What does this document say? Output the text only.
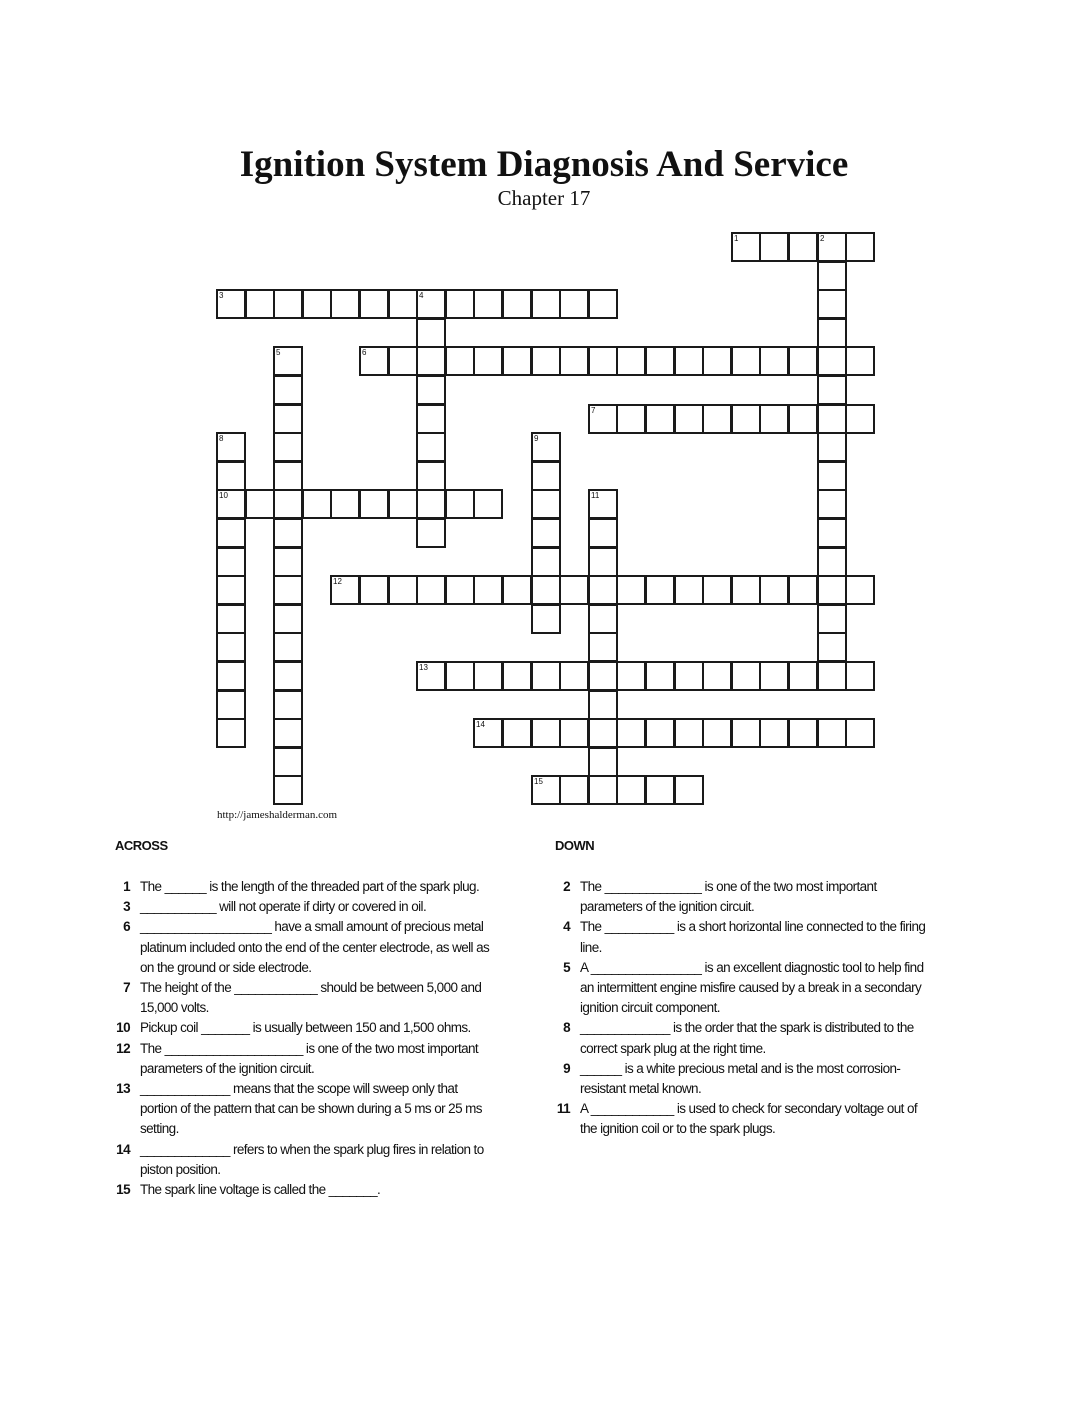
Ignition System Diagnosis And Service
Chapter 17
1	2
3	4
5	6
7
8
10
9
11
12
13
14
15
http://jameshalderman.com
ACROSS	DOWN
1 The ______ is the length of the threaded part of the spark plug.
3 ___________ will not operate if dirty or covered in oil.
6 ___________________ have a small amount of precious metal platinum included onto the end of the center electrode, as well as on the ground or side electrode.
7 The height of the ____________ should be between 5,000 and 15,000 volts.
10 Pickup coil _______ is usually between 150 and 1,500 ohms.
12 The ____________________ is one of the two most important parameters of the ignition circuit.
13 _____________ means that the scope will sweep only that portion of the pattern that can be shown during a 5 ms or 25 ms setting.
14 _____________ refers to when the spark plug fires in relation to piston position.
15 The spark line voltage is called the _______.
2 The ______________ is one of the two most important parameters of the ignition circuit.
4 The __________ is a short horizontal line connected to the firing line.
5 A ________________ is an excellent diagnostic tool to help find an intermittent engine misfire caused by a break in a secondary ignition circuit component.
8 _____________ is the order that the spark is distributed to the correct spark plug at the right time.
9 ______ is a white precious metal and is the most corrosion-resistant metal known.
11 A ____________ is used to check for secondary voltage out of the ignition coil or to the spark plugs.
